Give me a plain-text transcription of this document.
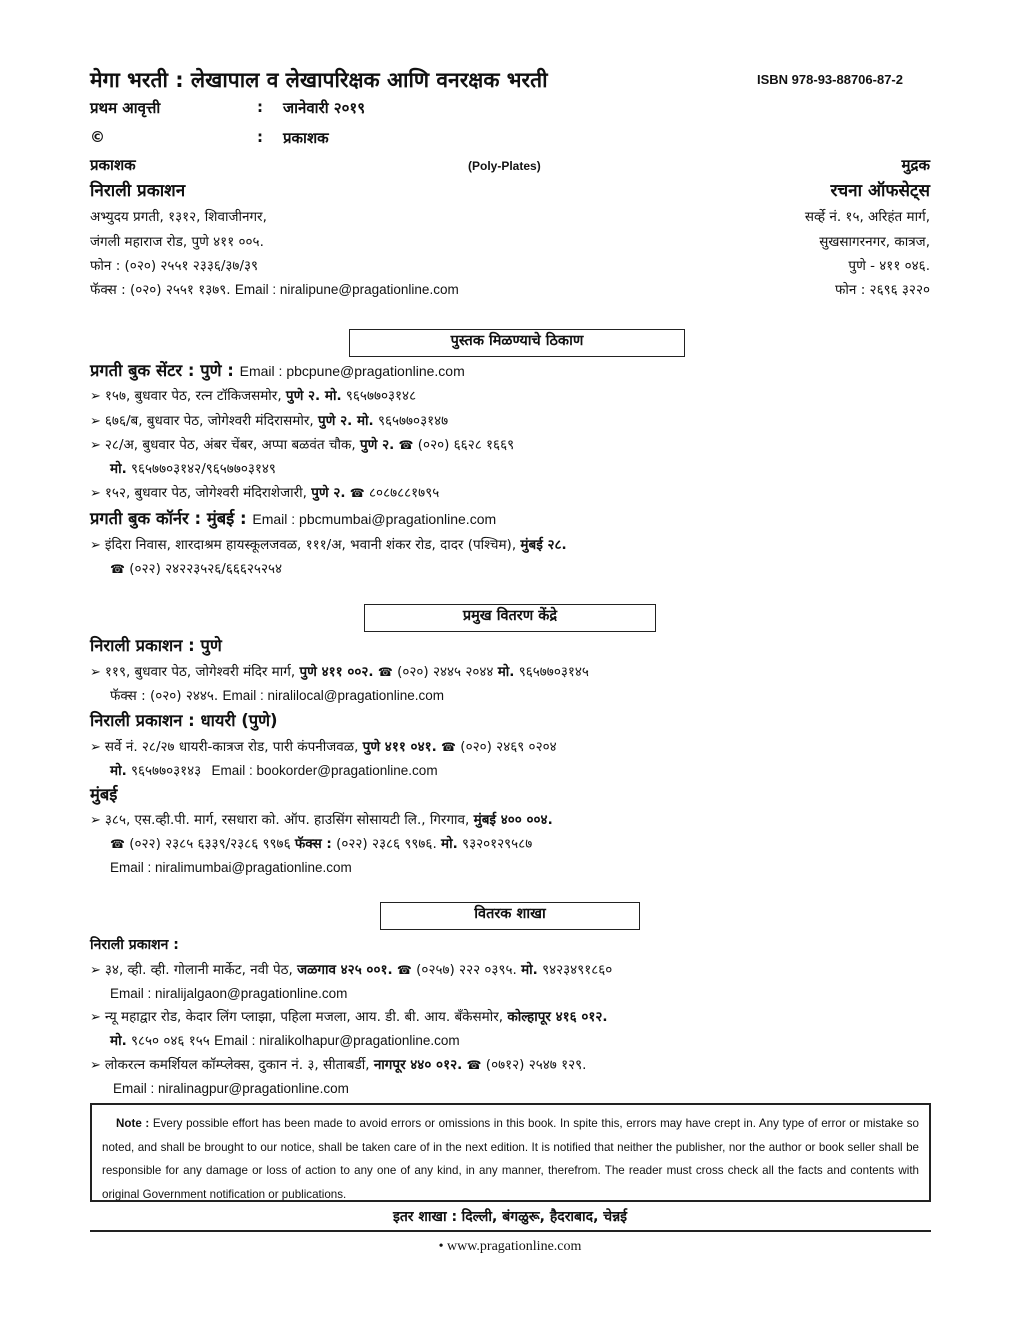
मेगा भरती : लेखापाल व लेखापरिक्षक आणि वनरक्षक भरती	ISBN 978-93-88706-87-2
प्रथम आवृत्ती	: जानेवारी २०१९
©	: प्रकाशक
प्रकाशक
निराली प्रकाशन
अभ्युदय प्रगती, १३१२, शिवाजीनगर,
जंगली महाराज रोड, पुणे ४११ ००५.
फोन : (०२०) २५५१ २३३६/३७/३९
फॅक्स : (०२०) २५५१ १३७९. Email : niralipune@pragationline.com
(Poly-Plates)	मुद्रक
रचना ऑफसेट्स
सर्व्हे नं. १५, अरिहंत मार्ग,
सुखसागरनगर, कात्रज,
पुणे - ४११ ०४६.
फोन : २६९६ ३२२०
पुस्तक मिळण्याचे ठिकाण
प्रगती बुक सेंटर : पुणे : Email : pbcpune@pragationline.com
➢ १५७, बुधवार पेठ, रत्न टॉकिजसमोर, पुणे २. मो. ९६५७७०३१४८
➢ ६७६/ब, बुधवार पेठ, जोगेश्वरी मंदिरासमोर, पुणे २. मो. ९६५७७०३१४७
➢ २८/अ, बुधवार पेठ, अंबर चेंबर, अप्पा बळवंत चौक, पुणे २. ☎ (०२०) ६६२८ १६६९
मो. ९६५७७०३१४२/९६५७७०३१४९
➢ १५२, बुधवार पेठ, जोगेश्वरी मंदिराशेजारी, पुणे २. ☎ ८०८७८८१७९५
प्रगती बुक कॉर्नर : मुंबई : Email : pbcmumbai@pragationline.com
➢ इंदिरा निवास, शारदाश्रम हायस्कूलजवळ, १११/अ, भवानी शंकर रोड, दादर (पश्चिम), मुंबई २८.
☎ (०२२) २४२२३५२६/६६६२५२५४
प्रमुख वितरण केंद्रे
निराली प्रकाशन : पुणे
➢ ११९, बुधवार पेठ, जोगेश्वरी मंदिर मार्ग, पुणे ४११ ००२. ☎ (०२०) २४४५ २०४४ मो. ९६५७७०३१४५
फॅक्स : (०२०) २४४५. Email : niralilocal@pragationline.com
निराली प्रकाशन : धायरी (पुणे)
➢ सर्वे नं. २८/२७ धायरी-कात्रज रोड, पारी कंपनीजवळ, पुणे ४११ ०४१. ☎ (०२०) २४६९ ०२०४
मो. ९६५७७०३१४३ Email : bookorder@pragationline.com
मुंबई
➢ ३८५, एस.व्ही.पी. मार्ग, रसधारा को. ऑप. हाउसिंग सोसायटी लि., गिरगाव, मुंबई ४०० ००४.
☎ (०२२) २३८५ ६३३९/२३८६ ९९७६ फॅक्स : (०२२) २३८६ ९९७६. मो. ९३२०१२९५८७
Email : niralimumbai@pragationline.com
वितरक शाखा
निराली प्रकाशन :
➢ ३४, व्ही. व्ही. गोलानी मार्केट, नवी पेठ, जळगाव ४२५ ००१. ☎ (०२५७) २२२ ०३९५. मो. ९४२३४९१८६०
Email : niralijalgaon@pragationline.com
➢ न्यू महाद्वार रोड, केदार लिंग प्लाझा, पहिला मजला, आय. डी. बी. आय. बँकेसमोर, कोल्हापूर ४१६ ०१२.
मो. ९८५० ०४६ १५५ Email : niralikolhapur@pragationline.com
➢ लोकरत्न कमर्शियल कॉम्प्लेक्स, दुकान नं. ३, सीताबर्डी, नागपूर ४४० ०१२. ☎ (०७१२) २५४७ १२९.
Email : niralinagpur@pragationline.com
Note : Every possible effort has been made to avoid errors or omissions in this book. In spite this, errors may have crept in. Any type of error or mistake so noted, and shall be brought to our notice, shall be taken care of in the next edition. It is notified that neither the publisher, nor the author or book seller shall be responsible for any damage or loss of action to any one of any kind, in any manner, therefrom. The reader must cross check all the facts and contents with original Government notification or publications.
इतर शाखा : दिल्ली, बंगळुरू, हैदराबाद, चेन्नई
• www.pragationline.com
